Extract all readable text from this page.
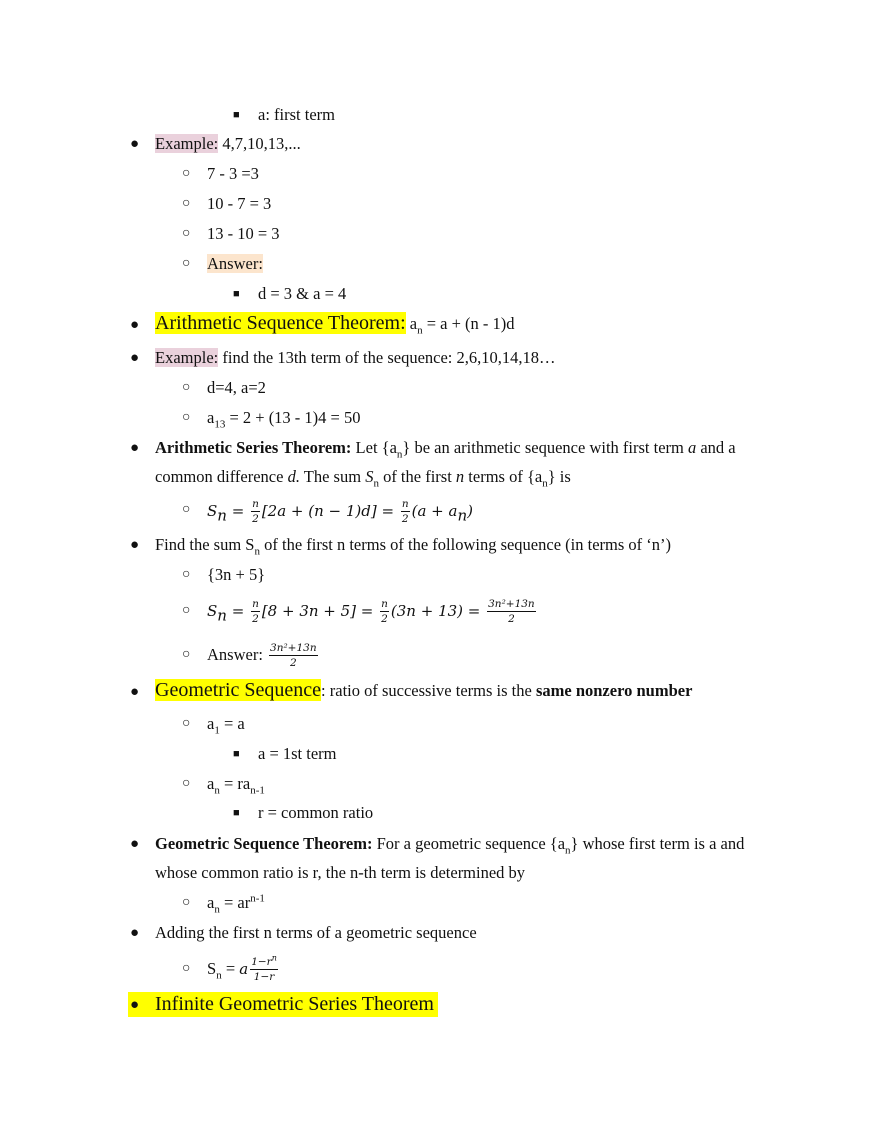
■ a: first term
● Example: 4,7,10,13,...
○ 7 - 3 =3
○ 10 - 7 = 3
○ 13 - 10 = 3
○ Answer:
■ d = 3 & a = 4
● Arithmetic Sequence Theorem: $a_n = a + (n - 1)d$
● Example: find the 13th term of the sequence: 2,6,10,14,18…
○ d=4, a=2
○ $a_{13} = 2 + (13 - 1)4 = 50$
● Arithmetic Series Theorem: Let $\{a_n\}$ be an arithmetic sequence with first term a and a
common difference d. The sum $S_n$ of the first n terms of $\{a_n\}$ is
○ $S_n = \frac{n}{2} [2a + (n - 1)d] = \frac{n}{2} (a + a_n)$
● Find the sum $S_n$ of the first n terms of the following sequence (in terms of ‘n’)
○ {3n + 5}
○ $S_n = \frac{n}{2} [8 + 3n + 5] = \frac{n}{2} (3n + 13) = \frac{\text{3n²+13n}}{2}$
○ Answer: $\frac{\text{3n²+13n}}{2}$
● Geometric Sequence: ratio of successive terms is the same nonzero number
○ $a_1 = a$
■ a = 1st term
○ $a_n = ra_{n-1}$
■ r = common ratio
● Geometric Sequence Theorem: For a geometric sequence $\{a_n\}$ whose first term is a and
whose common ratio is r, the n-th term is determined by
○ $a_n = ar^{n-1}$
● Adding the first n terms of a geometric sequence
○ $S_n = a \frac{1-r^n}{1-r}$
● Infinite Geometric Series Theorem
